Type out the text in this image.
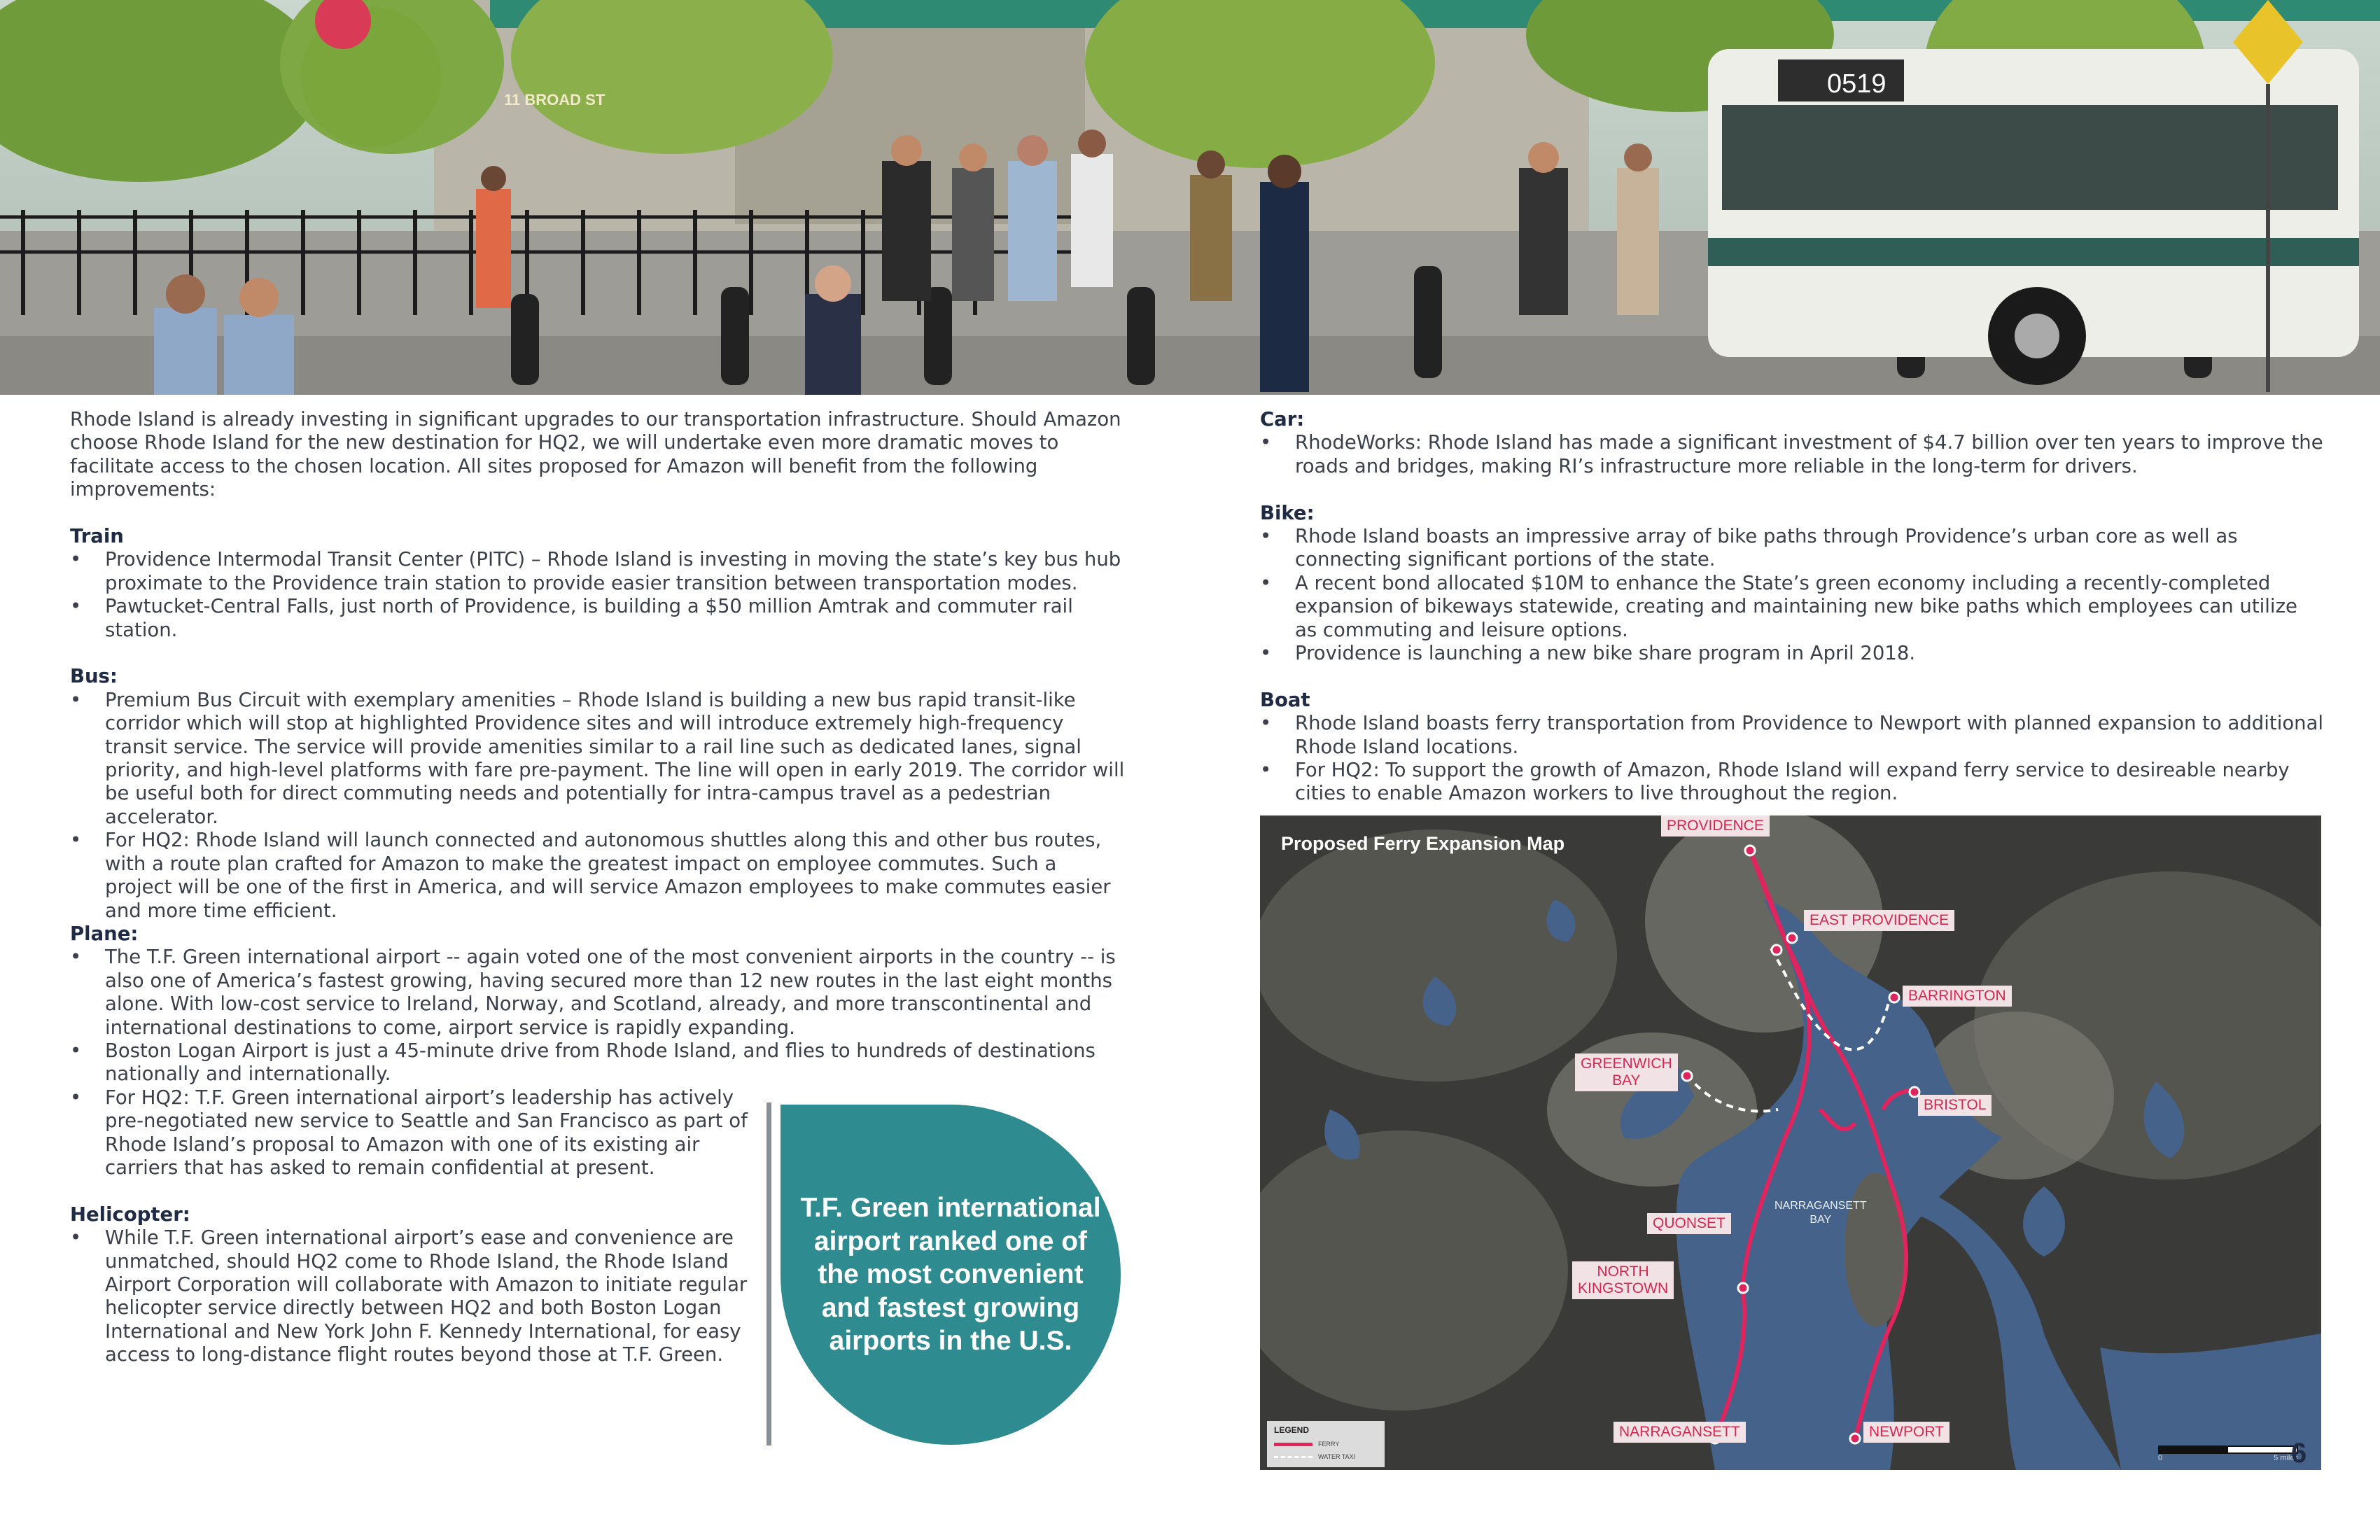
0519
11 BROAD ST

Rhode Island is already investing in significant upgrades to our transportation infrastructure. Should Amazon choose Rhode Island for the new destination for HQ2, we will undertake even more dramatic moves to facilitate access to the chosen location. All sites proposed for Amazon will benefit from the following improvements:

Train
• Providence Intermodal Transit Center (PITC) – Rhode Island is investing in moving the state’s key bus hub proximate to the Providence train station to provide easier transition between transportation modes.
• Pawtucket-Central Falls, just north of Providence, is building a $50 million Amtrak and commuter rail station.
Bus:
• Premium Bus Circuit with exemplary amenities – Rhode Island is building a new bus rapid transit-like corridor which will stop at highlighted Providence sites and will introduce extremely high-frequency transit service. The service will provide amenities similar to a rail line such as dedicated lanes, signal priority, and high-level platforms with fare pre-payment. The line will open in early 2019. The corridor will be useful both for direct commuting needs and potentially for intra-campus travel as a pedestrian accelerator.
• For HQ2: Rhode Island will launch connected and autonomous shuttles along this and other bus routes, with a route plan crafted for Amazon to make the greatest impact on employee commutes. Such a project will be one of the first in America, and will service Amazon employees to make commutes easier and more time efficient.
Plane:
• The T.F. Green international airport -- again voted one of the most convenient airports in the country -- is also one of America’s fastest growing, having secured more than 12 new routes in the last eight months alone. With low-cost service to Ireland, Norway, and Scotland, already, and more transcontinental and international destinations to come, airport service is rapidly expanding.
• Boston Logan Airport is just a 45-minute drive from Rhode Island, and flies to hundreds of destinations nationally and internationally.
• For HQ2: T.F. Green international airport’s leadership has actively pre-negotiated new service to Seattle and San Francisco as part of Rhode Island’s proposal to Amazon with one of its existing air carriers that has asked to remain confidential at present.
Helicopter:
• While T.F. Green international airport’s ease and convenience are unmatched, should HQ2 come to Rhode Island, the Rhode Island Airport Corporation will collaborate with Amazon to initiate regular helicopter service directly between HQ2 and both Boston Logan International and New York John F. Kennedy International, for easy access to long-distance flight routes beyond those at T.F. Green.
T.F. Green international airport ranked one of the most convenient and fastest growing airports in the U.S.
Car:
• RhodeWorks: Rhode Island has made a significant investment of $4.7 billion over ten years to improve the roads and bridges, making RI’s infrastructure more reliable in the long-term for drivers.
Bike:
• Rhode Island boasts an impressive array of bike paths through Providence’s urban core as well as connecting significant portions of the state.
• A recent bond allocated $10M to enhance the State’s green economy including a recently-completed expansion of bikeways statewide, creating and maintaining new bike paths which employees can utilize as commuting and leisure options.
• Providence is launching a new bike share program in April 2018.
Boat
• Rhode Island boasts ferry transportation from Providence to Newport with planned expansion to additional Rhode Island locations.
• For HQ2: To support the growth of Amazon, Rhode Island will expand ferry service to desireable nearby cities to enable Amazon workers to live throughout the region.
Proposed Ferry Expansion Map
PROVIDENCE
EAST PROVIDENCE
BARRINGTON
GREENWICH
BAY
BRISTOL
QUONSET
NORTH
KINGSTOWN
NARRAGANSETT	NEWPORT
NARRAGANSETT
BAY
LEGEND
FERRY
WATER TAXI	0	5 miles
6
